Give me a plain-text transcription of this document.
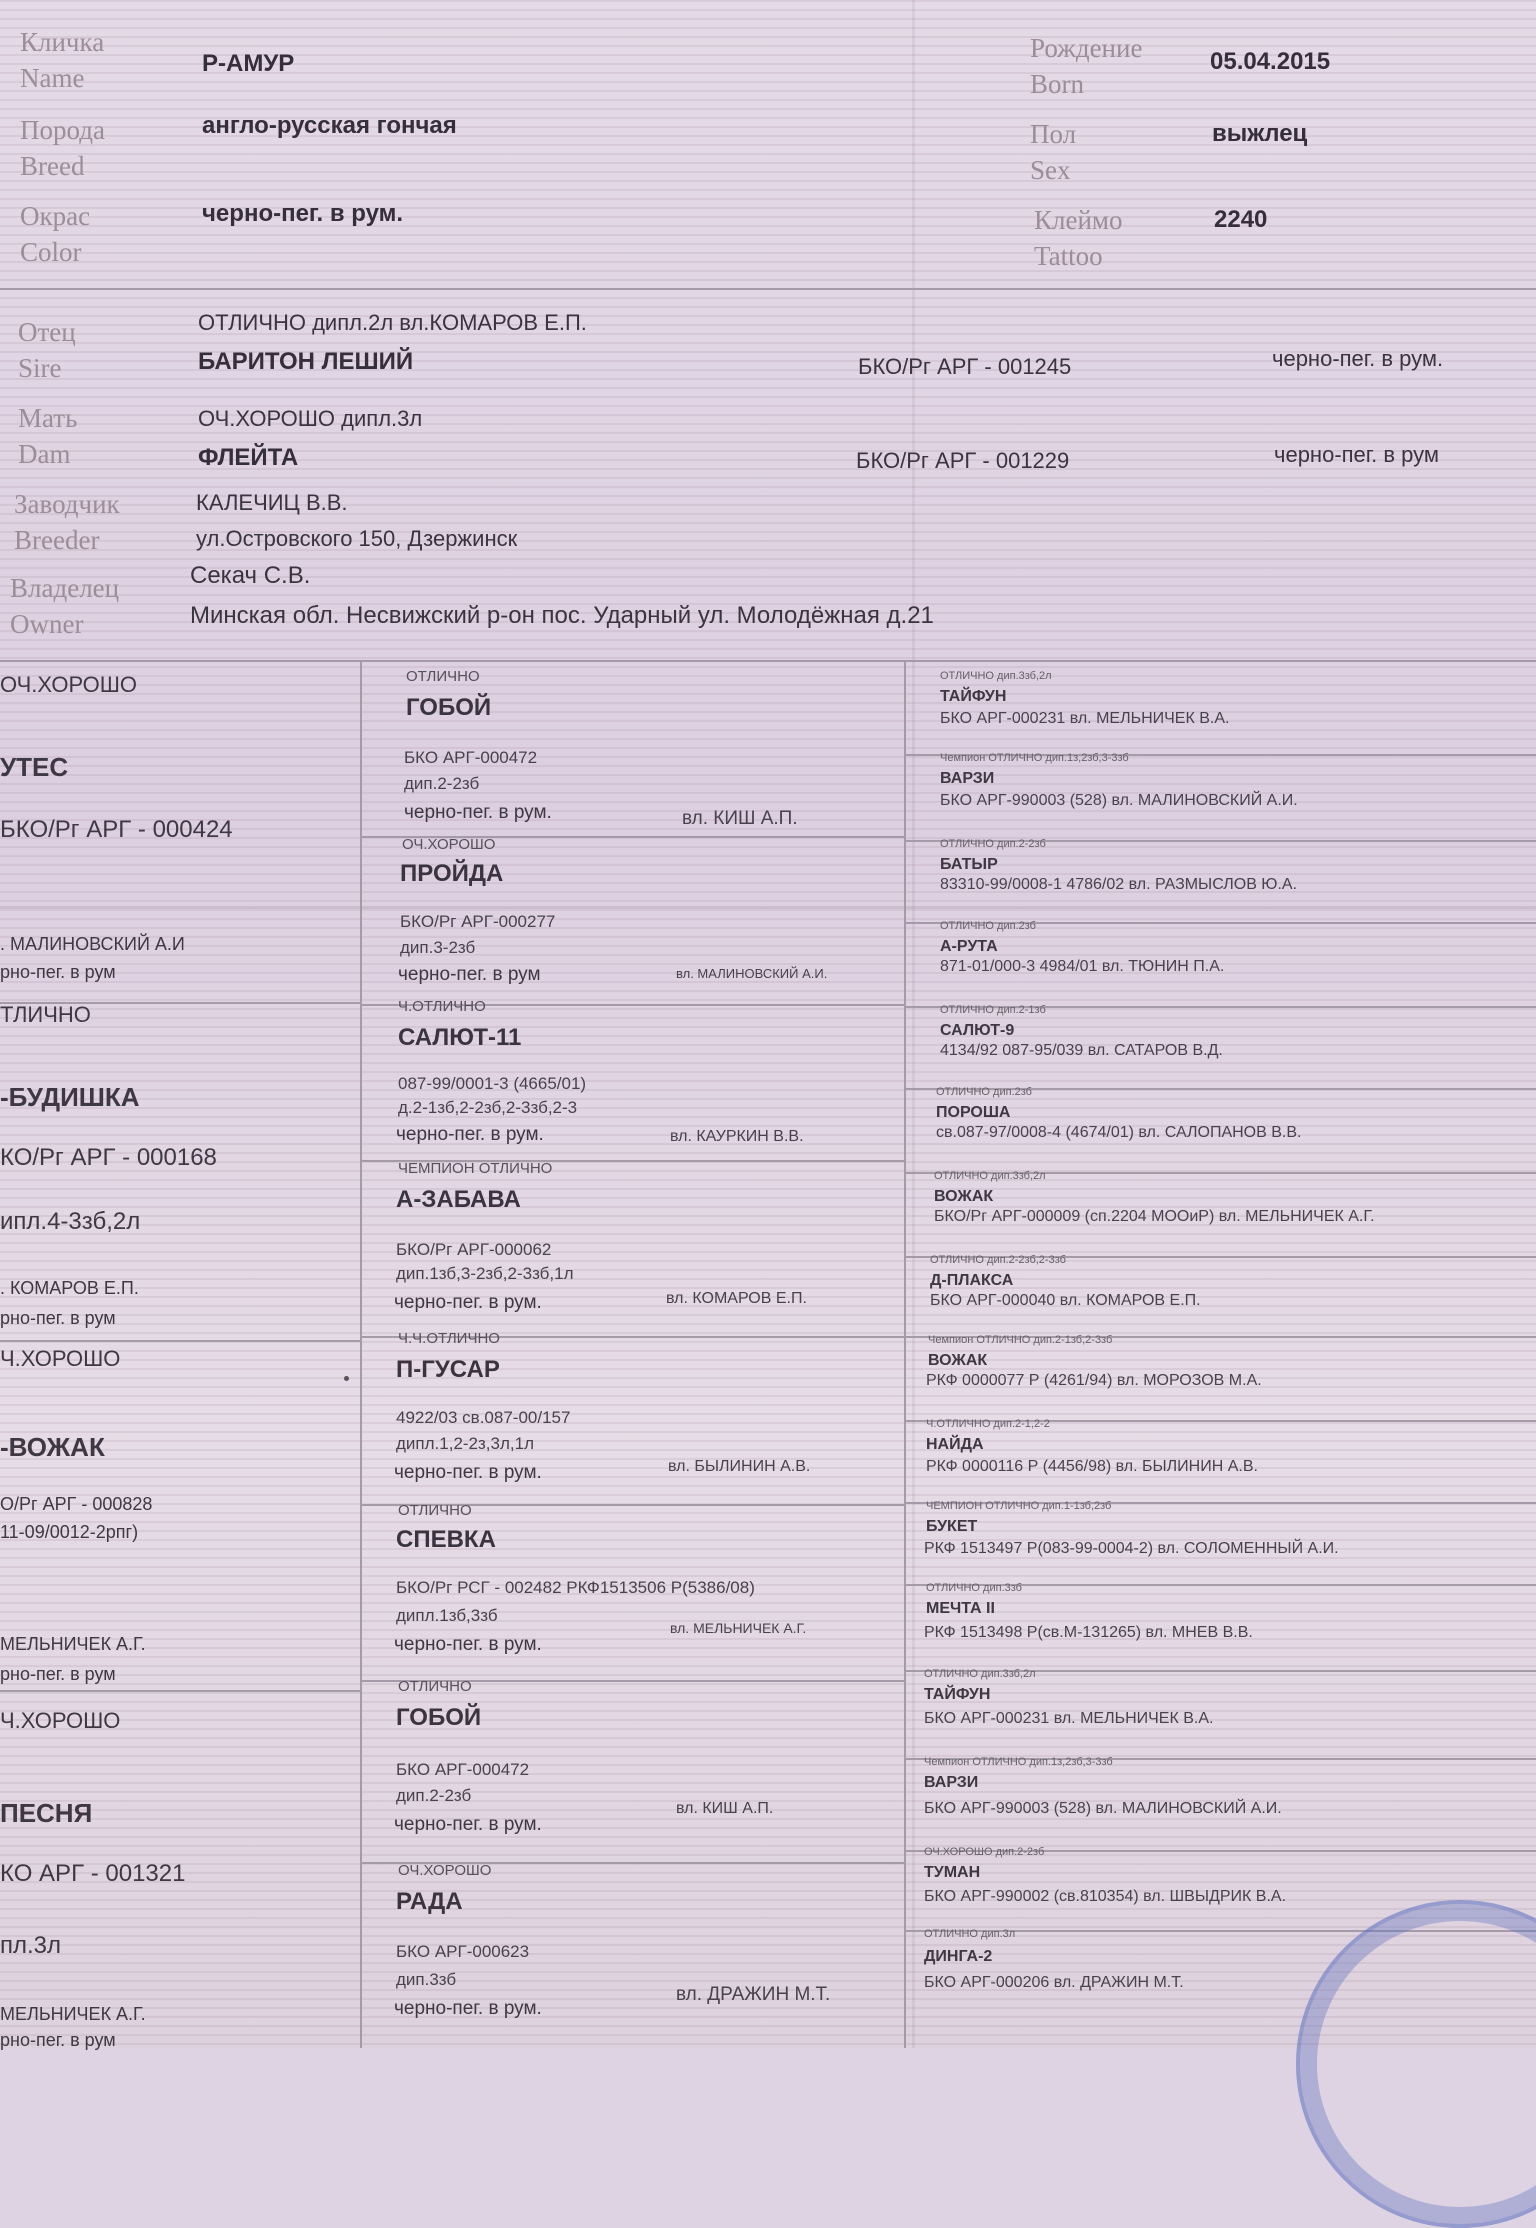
Кличка
Name	Р-АМУР
Порода
Breed
англо-русская гончая
Окрас
Color
черно-пег. в рум.
Рождение
Born
05.04.2015
Пол
Sex
выжлец
Клеймо
Tattoo
2240
Отец
Sire
ОТЛИЧНО дипл.2л вл.КОМАРОВ Е.П.
БАРИТОН ЛЕШИЙ	БКО/Рг АРГ - 001245	черно-пег. в рум.
Мать
Dam
ОЧ.ХОРОШО дипл.3л
ФЛЕЙТА	БКО/Рг АРГ - 001229	черно-пег. в рум
Заводчик
Breeder
КАЛЕЧИЦ В.В.
ул.Островского 150, Дзержинск
Владелец
Owner
Секач С.В.
Минская обл. Несвижский р-он пос. Ударный ул. Молодёжная д.21
ОЧ.ХОРОШО
УТЕС
БКО/Рг АРГ - 000424
. МАЛИНОВСКИЙ А.И
рно-пег. в рум
ТЛИЧНО
-БУДИШКА
КО/Рг АРГ - 000168
ипл.4-3зб,2л
. КОМАРОВ Е.П.
рно-пег. в рум
Ч.ХОРОШО
-ВОЖАК
О/Рг АРГ - 000828
11-09/0012-2рпг)
МЕЛЬНИЧЕК А.Г.
рно-пег. в рум
Ч.ХОРОШО
ПЕСНЯ
КО АРГ - 001321
пл.3л
МЕЛЬНИЧЕК А.Г.
рно-пег. в рум
ОТЛИЧНО
ГОБОЙ
БКО АРГ-000472
дип.2-2зб
черно-пег. в рум.	вл. КИШ А.П.
ОЧ.ХОРОШО
ПРОЙДА
БКО/Рг АРГ-000277
дип.3-2зб
черно-пег. в рум	вл. МАЛИНОВСКИЙ А.И.
Ч.ОТЛИЧНО
САЛЮТ-11
087-99/0001-3 (4665/01)
д.2-1зб,2-2зб,2-3зб,2-3
черно-пег. в рум.	вл. КАУРКИН В.В.
ЧЕМПИОН ОТЛИЧНО
А-ЗАБАВА
БКО/Рг АРГ-000062
дип.1зб,3-2зб,2-3зб,1л
черно-пег. в рум.	вл. КОМАРОВ Е.П.
Ч.Ч.ОТЛИЧНО
П-ГУСАР
4922/03 св.087-00/157
дипл.1,2-2з,3л,1л
черно-пег. в рум.	вл. БЫЛИНИН А.В.
ОТЛИЧНО
СПЕВКА
БКО/Рг РСГ - 002482 РКФ1513506 Р(5386/08)
дипл.1зб,3зб
черно-пег. в рум.
вл. МЕЛЬНИЧЕК А.Г.
ОТЛИЧНО
ГОБОЙ
БКО АРГ-000472
дип.2-2зб
черно-пег. в рум.
вл. КИШ А.П.
ОЧ.ХОРОШО
РАДА
БКО АРГ-000623
дип.3зб
черно-пег. в рум.
вл. ДРАЖИН М.Т.
ОТЛИЧНО дип.3зб,2л
ТАЙФУН
БКО АРГ-000231 вл. МЕЛЬНИЧЕК В.А.
Чемпион ОТЛИЧНО дип.1з,2зб,3-3зб
ВАРЗИ
БКО АРГ-990003 (528) вл. МАЛИНОВСКИЙ А.И.
ОТЛИЧНО дип.2-2зб
БАТЫР
83310-99/0008-1 4786/02 вл. РАЗМЫСЛОВ Ю.А.
ОТЛИЧНО дип.2зб
А-РУТА
871-01/000-3 4984/01 вл. ТЮНИН П.А.
ОТЛИЧНО дип.2-1зб
САЛЮТ-9
4134/92 087-95/039 вл. САТАРОВ В.Д.
ОТЛИЧНО дип.2зб
ПОРОША
св.087-97/0008-4 (4674/01) вл. САЛОПАНОВ В.В.
ОТЛИЧНО дип.3зб,2л
ВОЖАК
БКО/Рг АРГ-000009 (сп.2204 МООиР) вл. МЕЛЬНИЧЕК А.Г.
ОТЛИЧНО дип.2-2зб,2-3зб
Д-ПЛАКСА
БКО АРГ-000040 вл. КОМАРОВ Е.П.
Чемпион ОТЛИЧНО дип.2-1зб,2-3зб
ВОЖАК
РКФ 0000077 Р (4261/94) вл. МОРОЗОВ М.А.
Ч.ОТЛИЧНО дип.2-1,2-2
НАЙДА
РКФ 0000116 Р (4456/98) вл. БЫЛИНИН А.В.
ЧЕМПИОН ОТЛИЧНО дип.1-1зб,2зб
БУКЕТ
РКФ 1513497 Р(083-99-0004-2) вл. СОЛОМЕННЫЙ А.И.
ОТЛИЧНО дип.3зб
МЕЧТА II
РКФ 1513498 Р(св.М-131265) вл. МНЕВ В.В.
ОТЛИЧНО дип.3зб,2л
ТАЙФУН
БКО АРГ-000231 вл. МЕЛЬНИЧЕК В.А.
Чемпион ОТЛИЧНО дип.1з,2зб,3-3зб
ВАРЗИ
БКО АРГ-990003 (528) вл. МАЛИНОВСКИЙ А.И.
ОЧ.ХОРОШО дип.2-2зб
ТУМАН
БКО АРГ-990002 (св.810354) вл. ШВЫДРИК В.А.
ОТЛИЧНО дип.3л
ДИНГА-2
БКО АРГ-000206 вл. ДРАЖИН М.Т.
